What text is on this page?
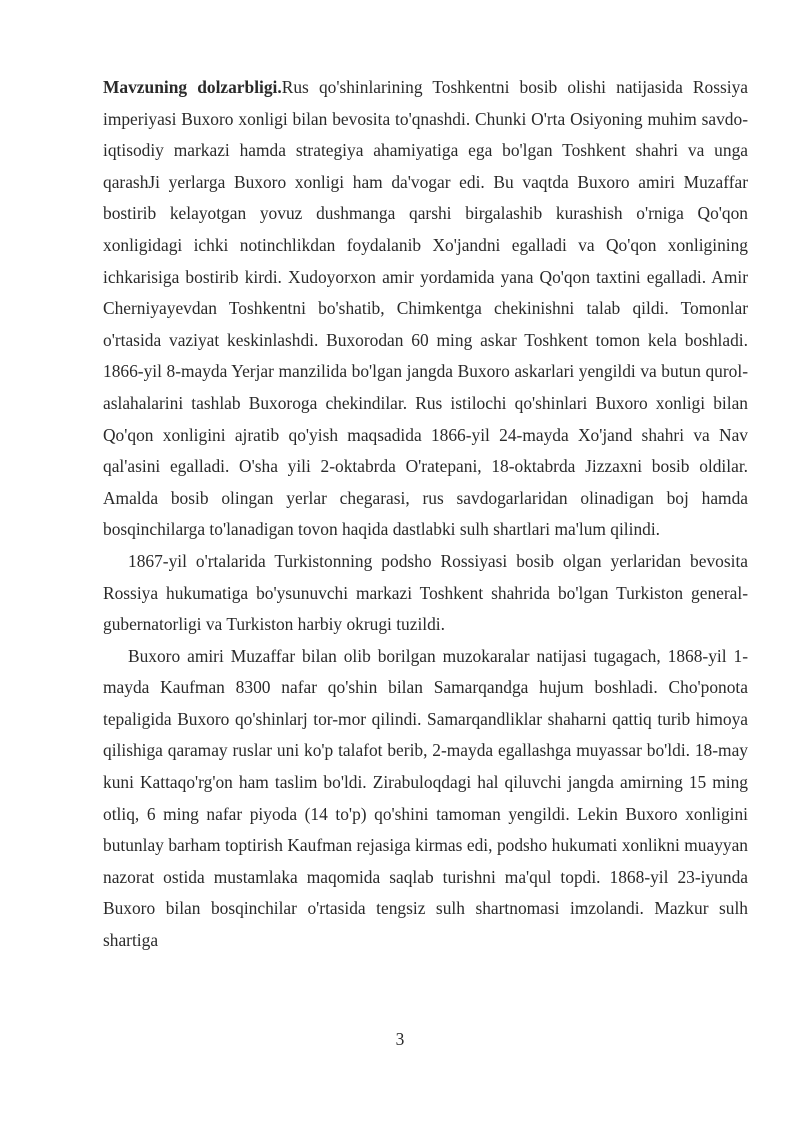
Mavzuning dolzarbligi.Rus qo'shinlarining Toshkentni bosib olishi natijasida Rossiya imperiyasi Buxoro xonligi bilan bevosita to'qnashdi. Chunki O'rta Osiyoning muhim savdo-iqtisodiy markazi hamda strategiya ahamiyatiga ega bo'lgan Toshkent shahri va unga qarashJi yerlarga Buxoro xonligi ham da'vogar edi. Bu vaqtda Buxoro amiri Muzaffar bostirib kelayotgan yovuz dushmanga qarshi birgalashib kurashish o'rniga Qo'qon xonligidagi ichki notinchlikdan foydalanib Xo'jandni egalladi va Qo'qon xonligining ichkarisiga bostirib kirdi. Xudoyorxon amir yordamida yana Qo'qon taxtini egalladi. Amir Cherniyayevdan Toshkentni bo'shatib, Chimkentga chekinishni talab qildi. Tomonlar o'rtasida vaziyat keskinlashdi. Buxorodan 60 ming askar Toshkent tomon kela boshladi. 1866-yil 8-mayda Yerjar manzilida bo'lgan jangda Buxoro askarlari yengildi va butun qurol-aslahalarini tashlab Buxoroga chekindilar. Rus istilochi qo'shinlari Buxoro xonligi bilan Qo'qon xonligini ajratib qo'yish maqsadida 1866-yil 24-mayda Xo'jand shahri va Nav qal'asini egalladi. O'sha yili 2-oktabrda O'ratepani, 18-oktabrda Jizzaxni bosib oldilar. Amalda bosib olingan yerlar chegarasi, rus savdogarlaridan olinadigan boj hamda bosqinchilarga to'lanadigan tovon haqida dastlabki sulh shartlari ma'lum qilindi.

1867-yil o'rtalarida Turkistonning podsho Rossiyasi bosib olgan yerlaridan bevosita Rossiya hukumatiga bo'ysunuvchi markazi Toshkent shahrida bo'lgan Turkiston general-gubernatorligi va Turkiston harbiy okrugi tuzildi.

Buxoro amiri Muzaffar bilan olib borilgan muzokaralar natijasi tugagach, 1868-yil 1-mayda Kaufman 8300 nafar qo'shin bilan Samarqandga hujum boshladi. Cho'ponota tepaligida Buxoro qo'shinlarj tor-mor qilindi. Samarqandliklar shaharni qattiq turib himoya qilishiga qaramay ruslar uni ko'p talafot berib, 2-mayda egallashga muyassar bo'ldi. 18-may kuni Kattaqo'rg'on ham taslim bo'ldi. Zirabuloqdagi hal qiluvchi jangda amirning 15 ming otliq, 6 ming nafar piyoda (14 to'p) qo'shini tamoman yengildi. Lekin Buxoro xonligini butunlay barham toptirish Kaufman rejasiga kirmas edi, podsho hukumati xonlikni muayyan nazorat ostida mustamlaka maqomida saqlab turishni ma'qul topdi. 1868-yil 23-iyunda Buxoro bilan bosqinchilar o'rtasida tengsiz sulh shartnomasi imzolandi. Mazkur sulh shartiga

3
